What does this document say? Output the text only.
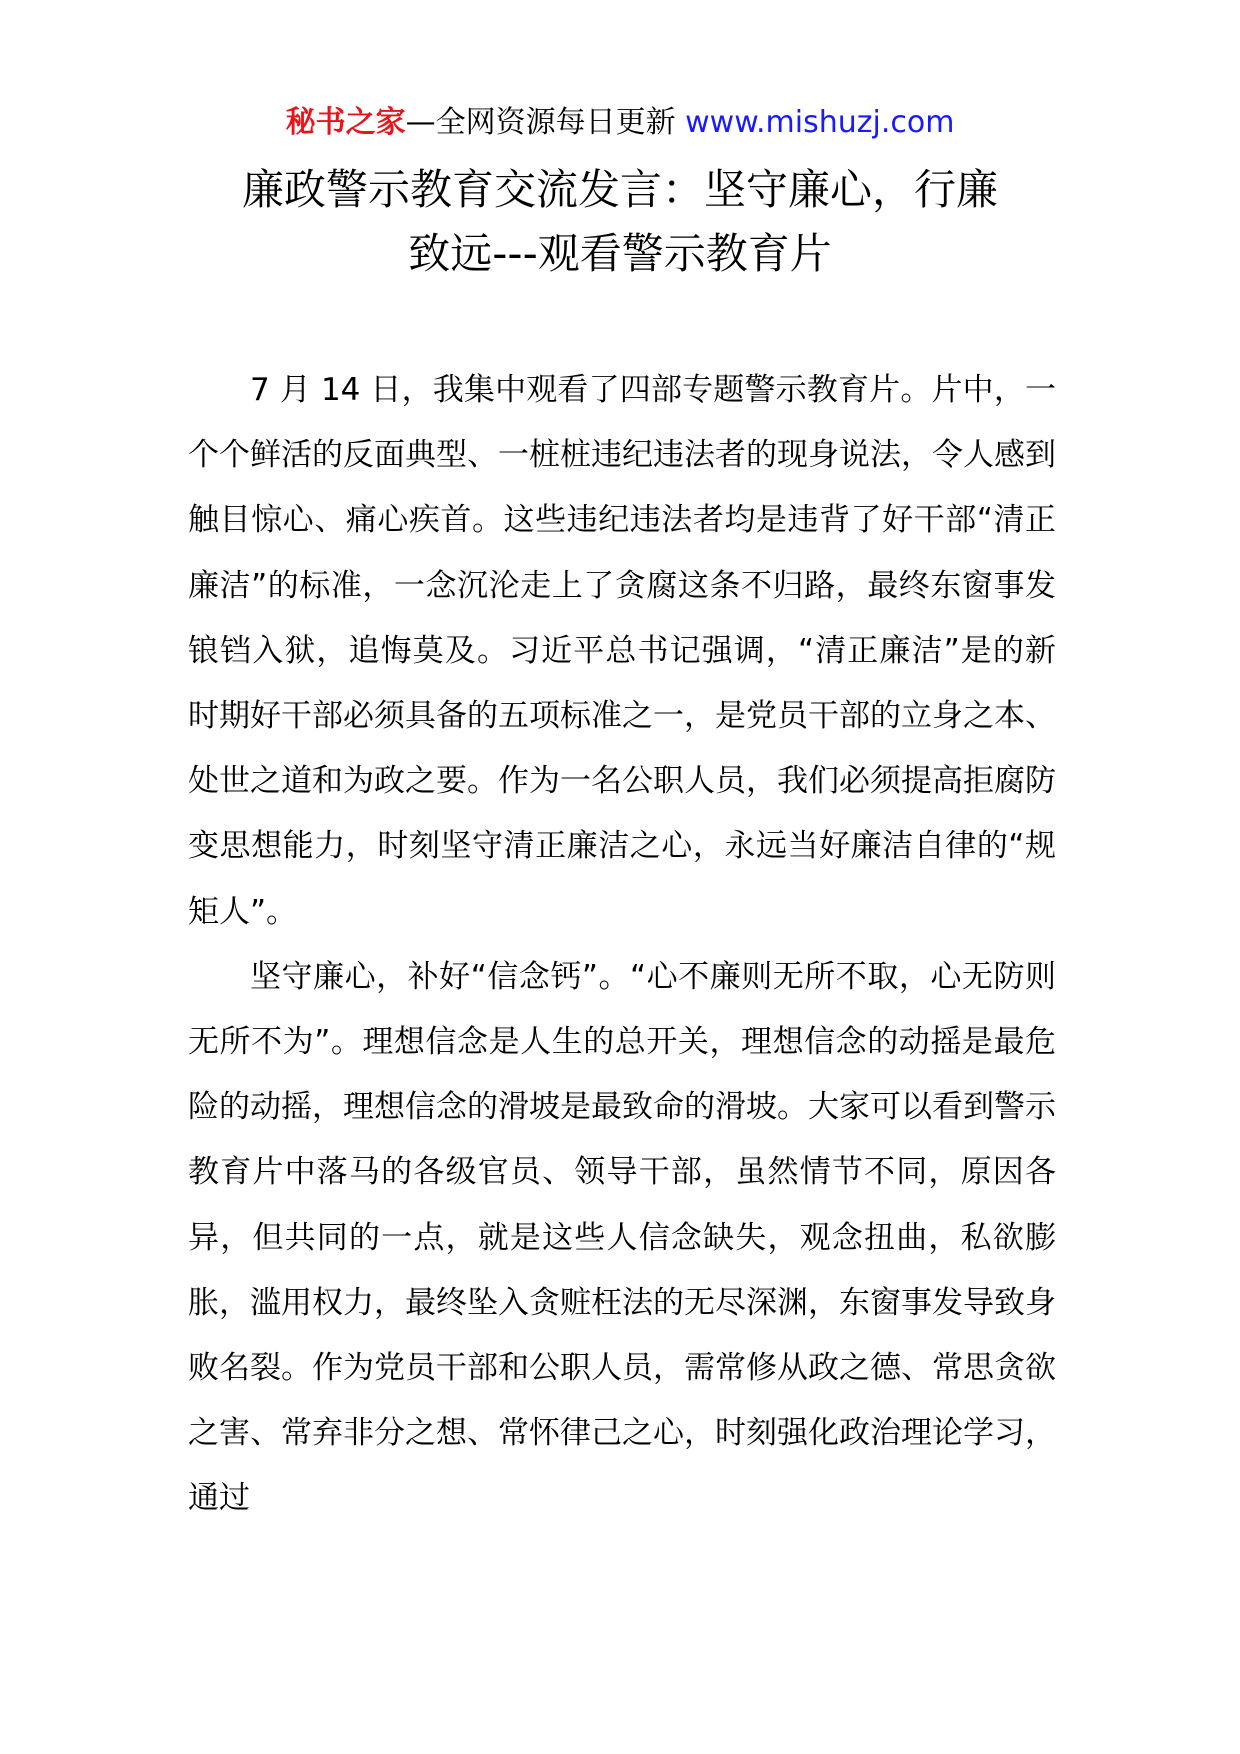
秘书之家—全网资源每日更新 www.mishuzj.com
廉政警示教育交流发言：坚守廉心，行廉
致远---观看警示教育片

7 月 14 日，我集中观看了四部专题警示教育片。片中，一个个鲜活的反面典型、一桩桩违纪违法者的现身说法，令人感到触目惊心、痛心疾首。这些违纪违法者均是违背了好干部“清正廉洁”的标准，一念沉沦走上了贪腐这条不归路，最终东窗事发锒铛入狱，追悔莫及。习近平总书记强调，“清正廉洁”是的新时期好干部必须具备的五项标准之一，是党员干部的立身之本、处世之道和为政之要。作为一名公职人员，我们必须提高拒腐防变思想能力，时刻坚守清正廉洁之心，永远当好廉洁自律的“规矩人”。

坚守廉心，补好“信念钙”。“心不廉则无所不取，心无防则无所不为”。理想信念是人生的总开关，理想信念的动摇是最危险的动摇，理想信念的滑坡是最致命的滑坡。大家可以看到警示教育片中落马的各级官员、领导干部，虽然情节不同，原因各异，但共同的一点，就是这些人信念缺失，观念扭曲，私欲膨胀，滥用权力，最终坠入贪赃枉法的无尽深渊，东窗事发导致身败名裂。作为党员干部和公职人员，需常修从政之德、常思贪欲之害、常弃非分之想、常怀律己之心，时刻强化政治理论学习，通过
